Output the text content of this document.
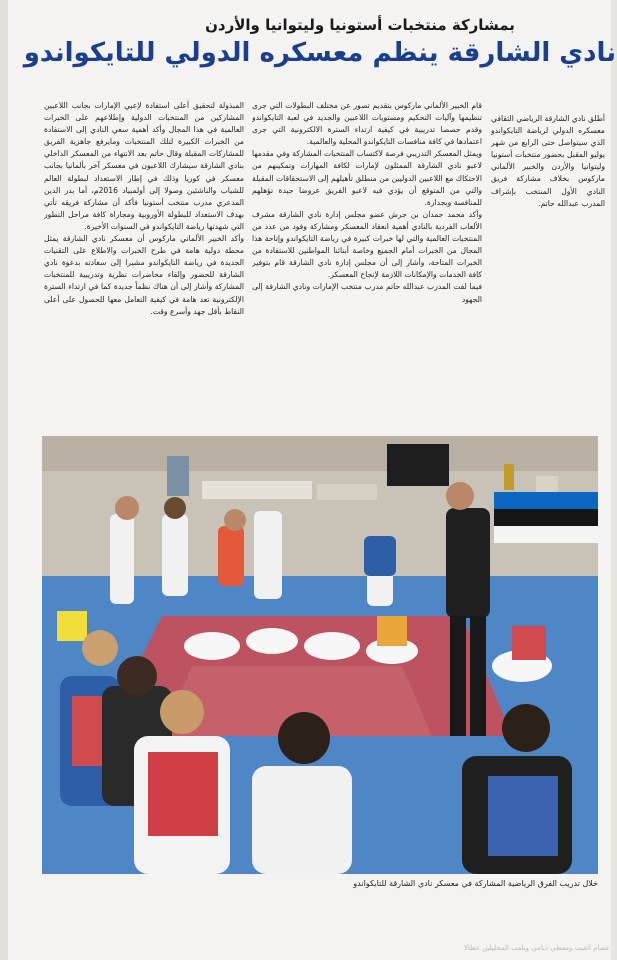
بمشاركة منتخبات أستونيا وليتوانيا والأردن
نادي الشارقة ينظم معسكره الدولي للتايكواندو

أطلق نادي الشارقة الرياضي الثقافي معسكره الدولي لرياضة التايكواندو الذي سيتواصل حتى الرابع من شهر يوليو المقبل بحضور منتخبات أستونيا وليتوانيا والأردن والخبير الألماني ماركوس بخلاف مشاركة فريق النادي الأول المنتخب بإشراف المدرب عبدالله حاتم.

قام الخبير الألماني ماركوس بتقديم تصور عن مختلف البطولات التي جرى تنظيمها وآليات التحكيم ومستويات اللاعبين والجديد في لعبة التايكواندو وقدم حصصا تدريبية في كيفية ارتداء السترة الالكترونية التي جرى اعتمادها في كافة منافسات التايكواندو المحلية والعالمية.

ويمثل المعسكر التدريبي فرصة لاكتساب المنتخبات المشاركة وفي مقدمها لاعبو نادي الشارقة الممثلون لإمارات لكافة المهارات وتمكينهم من الاحتكاك مع اللاعبين الدوليين من منطلق تأهيلهم إلى الاستحقاقات المقبلة والتي من المتوقع أن يؤدي فيه لاعبو الفريق عروضا جيدة تؤهلهم للمنافسة وبجدارة.

وأكد محمد حمدان بن جرش عضو مجلس إدارة نادي الشارقة مشرف الألعاب الفردية بالنادي أهمية انعقاد المعسكر ومشاركة وفود من عدد من المنتخبات العالمية والتي لها خبرات كبيرة في رياضة التايكواندو وإتاحة هذا المجال من الخبرات أمام الجميع وخاصة أبنائنا المواطنين للاستفادة من الخبرات المتاحة، وأشار إلى أن مجلس إدارة نادي الشارقة قام بتوفير كافة الخدمات والإمكانات اللازمة لإنجاح المعسكر.

فيما لفت المدرب عبدالله حاتم مدرب منتخب الإمارات ونادي الشارقة إلى الجهود

المبذولة لتحقيق أعلى استفادة لإعبي الإمارات بجانب اللاعبين المشاركين من المنتخبات الدولية وإطلاعهم على الخبرات العالمية في هذا المجال وأكد أهمية سعي النادي إلى الاستفادة من الخبرات الكبيرة لتلك المنتخبات ومايرفع جاهزية الفريق للمشاركات المقبلة وقال حاتم بعد الانتهاء من المعسكر الداخلي بنادي الشارقة سيشارك اللاعبون في معسكر آخر بألمانيا بجانب معسكر في كوريا وذلك في إطار الاستعداد لبطولة العالم للشباب والناشئين وصولا إلى أولمبياد 2016م، أما بدر الدين المدعري مدرب منتخب أستونيا فأكد أن مشاركة فريقه تأتي بهدف الاستعداد للبطولة الأوروبية ومجاراة كافة مراحل التطور التي شهدتها رياضة التايكواندو في السنوات الأخيرة.

وأكد الخبير الألماني ماركوس أن معسكر نادي الشارقة يمثل محطة دولية هامة في طرح الخبرات والاطلاع على التقنيات الجديدة في رياضة التايكواندو مشيرا إلى سعادته بدعوة نادي الشارقة للحضور وإلقاء محاضرات نظرية وتدريبية للمنتخبات المشاركة وأشار إلى أن هناك نظماً جديدة كما في ارتداء السترة الإلكترونية تعد هامة في كيفية التعامل معها للحصول على أعلى النقاط بأقل جهد وأسرع وقت.

خلال تدريب الفرق الرياضية المشاركة في معسكر نادي الشارقة للتايكواندو
عصام الغيث ومعطي ذيامي ويلعب المحليلين عطالا
